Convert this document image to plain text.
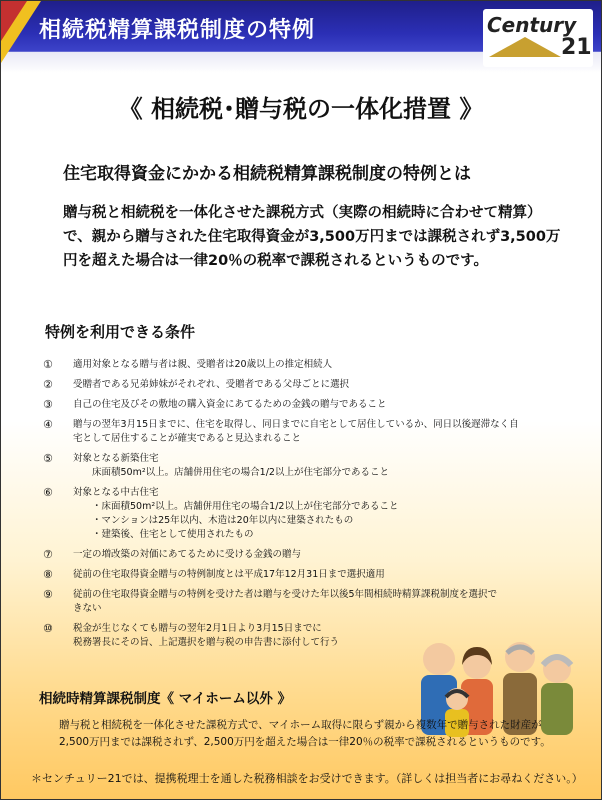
相続税精算課税制度の特例	Century
21
《 相続税･贈与税の一体化措置 》
住宅取得資金にかかる相続税精算課税制度の特例とは
贈与税と相続税を一体化させた課税方式（実際の相続時に合わせて精算）で、親から贈与された住宅取得資金が3,500万円までは課税されず3,500万円を超えた場合は一律20％の税率で課税されるというものです。
特例を利用できる条件
① 適用対象となる贈与者は親、受贈者は20歳以上の推定相続人
② 受贈者である兄弟姉妹がそれぞれ、受贈者である父母ごとに選択
③ 自己の住宅及びその敷地の購入資金にあてるための金銭の贈与であること
④ 贈与の翌年3月15日までに、住宅を取得し、同日までに自宅として居住しているか、同日以後遅滞なく自
宅として居住することが確実であると見込まれること
⑤ 対象となる新築住宅
　　床面積50m²以上。店舗併用住宅の場合1/2以上が住宅部分であること
⑥ 対象となる中古住宅
　　・床面積50m²以上。店舗併用住宅の場合1/2以上が住宅部分であること
　　・マンションは25年以内、木造は20年以内に建築されたもの
　　・建築後、住宅として使用されたもの
⑦ 一定の増改築の対価にあてるために受ける金銭の贈与
⑧ 従前の住宅取得資金贈与の特例制度とは平成17年12月31日まで選択適用
⑨ 従前の住宅取得資金贈与の特例を受けた者は贈与を受けた年以後5年間相続時精算課税制度を選択で
きない
⑩ 税金が生じなくても贈与の翌年2月1日より3月15日までに
税務署長にその旨、上記選択を贈与税の申告書に添付して行う
相続時精算課税制度《 マイホーム以外 》
贈与税と相続税を一体化させた課税方式で、マイホーム取得に限らず親から複数年で贈与された財産が2,500万円までは課税されず、2,500万円を超えた場合は一律20％の税率で課税されるというものです。
＊センチュリー21では、提携税理士を通した税務相談をお受けできます。（詳しくは担当者にお尋ねください。）
